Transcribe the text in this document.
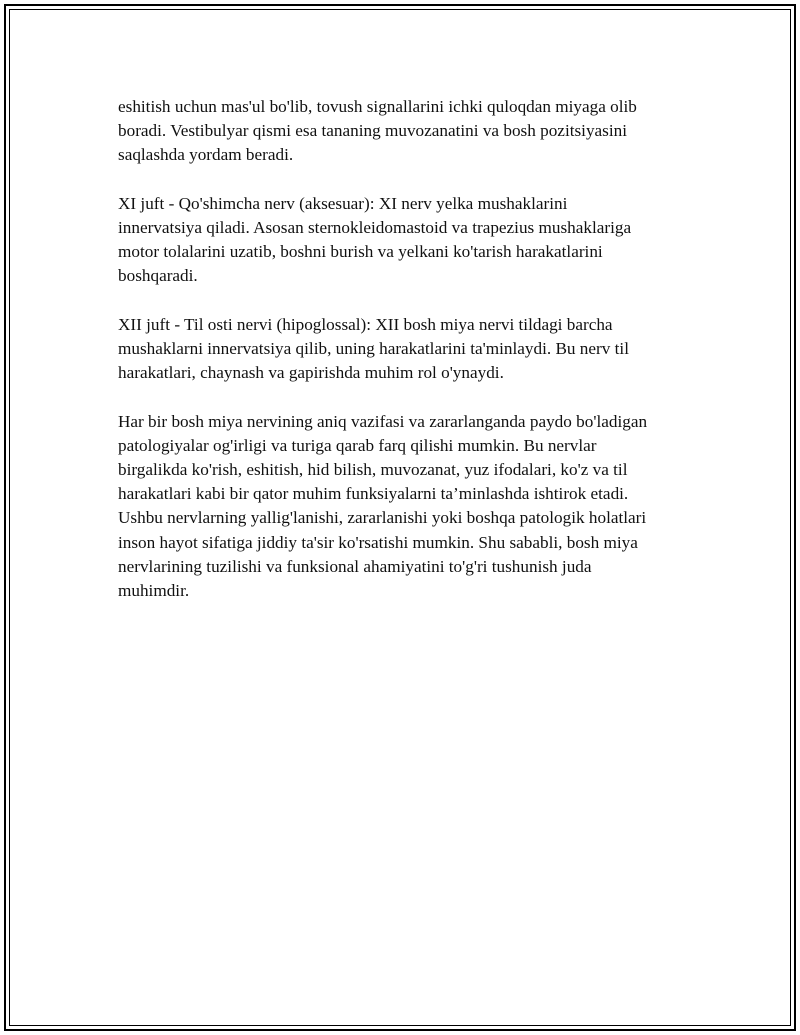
eshitish uchun mas'ul bo'lib, tovush signallarini ichki quloqdan miyaga olib
boradi. Vestibulyar qismi esa tananing muvozanatini va bosh pozitsiyasini
saqlashda yordam beradi.

XI juft - Qo'shimcha nerv (aksesuar): XI nerv yelka mushaklarini
innervatsiya qiladi. Asosan sternokleidomastoid va trapezius mushaklariga
motor tolalarini uzatib, boshni burish va yelkani ko'tarish harakatlarini
boshqaradi.

XII juft - Til osti nervi (hipoglossal): XII bosh miya nervi tildagi barcha
mushaklarni innervatsiya qilib, uning harakatlarini ta'minlaydi. Bu nerv til
harakatlari, chaynash va gapirishda muhim rol o'ynaydi.

Har bir bosh miya nervining aniq vazifasi va zararlanganda paydo bo'ladigan
patologiyalar og'irligi va turiga qarab farq qilishi mumkin. Bu nervlar
birgalikda ko'rish, eshitish, hid bilish, muvozanat, yuz ifodalari, ko'z va til
harakatlari kabi bir qator muhim funksiyalarni ta’minlashda ishtirok etadi.
Ushbu nervlarning yallig'lanishi, zararlanishi yoki boshqa patologik holatlari
inson hayot sifatiga jiddiy ta'sir ko'rsatishi mumkin. Shu sababli, bosh miya
nervlarining tuzilishi va funksional ahamiyatini to'g'ri tushunish juda
muhimdir.
